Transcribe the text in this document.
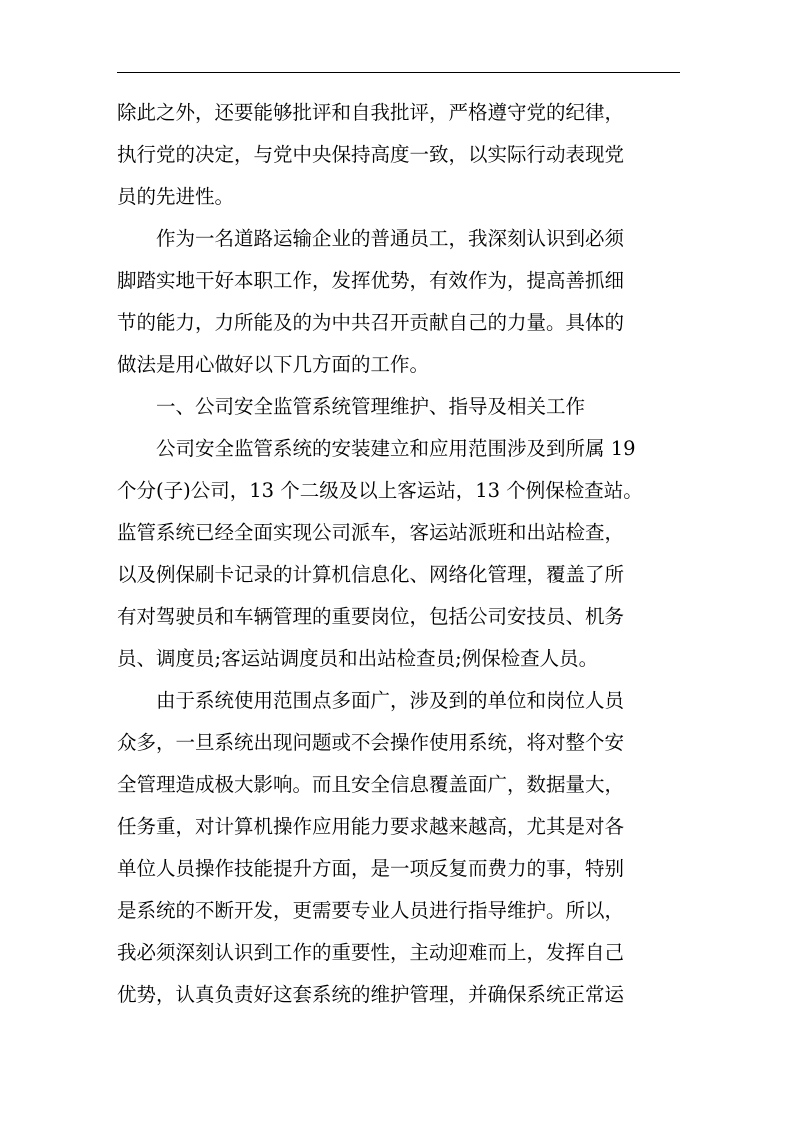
除此之外，还要能够批评和自我批评，严格遵守党的纪律，
执行党的决定，与党中央保持高度一致，以实际行动表现党
员的先进性。
　　作为一名道路运输企业的普通员工，我深刻认识到必须
脚踏实地干好本职工作，发挥优势，有效作为，提高善抓细
节的能力，力所能及的为中共召开贡献自己的力量。具体的
做法是用心做好以下几方面的工作。
　　一、公司安全监管系统管理维护、指导及相关工作
　　公司安全监管系统的安装建立和应用范围涉及到所属 19
个分(子)公司，13 个二级及以上客运站，13 个例保检查站。
监管系统已经全面实现公司派车，客运站派班和出站检查，
以及例保刷卡记录的计算机信息化、网络化管理，覆盖了所
有对驾驶员和车辆管理的重要岗位，包括公司安技员、机务
员、调度员;客运站调度员和出站检查员;例保检查人员。
　　由于系统使用范围点多面广，涉及到的单位和岗位人员
众多，一旦系统出现问题或不会操作使用系统，将对整个安
全管理造成极大影响。而且安全信息覆盖面广，数据量大，
任务重，对计算机操作应用能力要求越来越高，尤其是对各
单位人员操作技能提升方面，是一项反复而费力的事，特别
是系统的不断开发，更需要专业人员进行指导维护。所以，
我必须深刻认识到工作的重要性，主动迎难而上，发挥自己
优势，认真负责好这套系统的维护管理，并确保系统正常运
